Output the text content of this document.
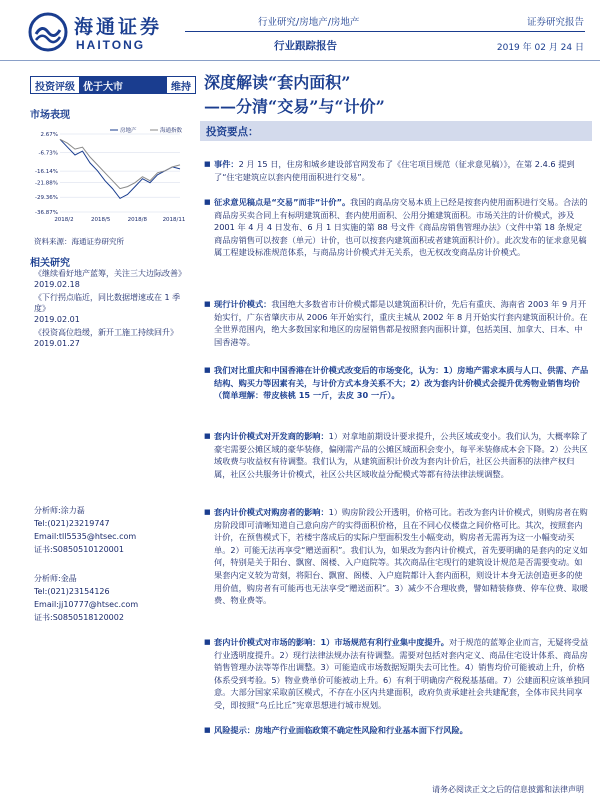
海通证券
HAITONG
行业研究/房地产/房地产
行业跟踪报告
证券研究报告
2019 年 02 月 24 日
投资评级 优于大市	维持
市场表现
2.67%
-6.73%
-16.14%
-21.88%
-29.36%
-36.87%
2018/2	2018/5	2018/8	2018/11
房地产	海通指数
资料来源：海通证券研究所
相关研究
《继续看好地产蓝筹，关注三大边际改善》
2019.02.18
《下行拐点临近，同比数据增速或在 1 季度》
2019.02.01
《投资高位趋缓，新开工施工持续回升》
2019.01.27
分析师:涂力磊
Tel:(021)23219747
Email:tll5535@htsec.com
证书:S0850510120001
分析师:金晶
Tel:(021)23154126
Email:jj10777@htsec.com
证书:S0850518120002
深度解读“套内面积”
——分清“交易”与“计价”
投资要点：
■ 事件：2 月 15 日，住房和城乡建设部官网发布了《住宅项目规范（征求意见稿）》，在第 2.4.6 提到了“住宅建筑应以套内使用面积进行交易”。
■ 征求意见稿点是“交易”而非“计价”。我国的商品房交易本质上已经是按套内使用面积进行交易。合法的商品房买卖合同上有标明建筑面积、套内使用面积、公用分摊建筑面积。市场关注的计价模式，涉及 2001 年 4 月 4 日发布、6 月 1 日实施的第 88 号文件《商品房销售管理办法》（文件中第 18 条规定商品房销售可以按套（单元）计价，也可以按套内建筑面积或者建筑面积计价）。此次发布的征求意见稿属工程建设标准规范体系，与商品房计价模式并无关系，也无权改变商品房计价模式。
■ 现行计价模式：我国绝大多数省市计价模式都是以建筑面积计价，先后有重庆、海南省 2003 年 9 月开始实行，广东省肇庆市从 2006 年开始实行，重庆主城从 2002 年 8 月开始实行套内建筑面积计价。在全世界范围内，绝大多数国家和地区的房屋销售都是按照套内面积计算，包括美国、加拿大、日本、中国香港等。
■ 我们对比重庆和中国香港在计价模式改变后的市场变化，认为：1）房地产需求本质与人口、供需、产品结构、购买力等因素有关，与计价方式本身关系不大；2）改为套内计价模式会提升优秀物业销售均价（简单理解：带皮核桃 15 一斤，去皮 30 一斤）。
■ 套内计价模式对开发商的影响：1）对拿地前期设计要求提升，公共区域或变小。我们认为，大概率除了豪宅需要公摊区域的豪华装修，偏刚需产品的公摊区域面积会变小，每平米装修成本会下降。2）公共区域收费与收益权有待调整。我们认为，从建筑面积计价改为套内计价后，社区公共面积的法律产权归属，社区公共服务计价模式，社区公共区域收益分配模式等都有待法律法规调整。
■ 套内计价模式对购房者的影响：1）购房阶段公开透明，价格可比。若改为套内计价模式，则购房者在购房阶段即可清晰知道自己意向房产的实得面积价格，且在不同心仪楼盘之间价格可比。其次，按照套内计价，在预售模式下，若楼宇落成后的实际户型面积发生小幅变动，购房者无需再为这一小幅变动买单。2）可能无法再享受“赠送面积”。我们认为，如果改为套内计价模式，首先要明确的是套内的定义如何，特别是关于阳台、飘窗、阁楼、入户庭院等。其次商品住宅现行的建筑设计规范是否需要变动。如果套内定义较为苛刻，将阳台、飘窗、阁楼、入户庭院都计入套内面积，则设计本身无法创造更多的使用价值，购房者有可能再也无法享受“赠送面积”。3）减少不合理收费，譬如精装修费、停车位费、取暖费、物业费等。
■ 套内计价模式对市场的影响：1）市场规范有利行业集中度提升。对于规范的蓝筹企业而言，无疑将受益行业透明度提升。2）现行法律法规办法有待调整。需要对包括对套内定义、商品住宅设计体系、商品房销售管理办法等等作出调整。3）可能造成市场数据短期失去可比性。4）销售均价可能被动上升，价格体系受到考验。5）物业费单价可能被动上升。6）有利于明确房产税税基基础。7）公建面积应该单独同意。大部分国家采取前区模式，不存在小区内共建面积，政府负责承建社会共建配套，全体市民共同享受，即按照“乌丘比丘”宪章思想进行城市规划。
■ 风险提示：房地产行业面临政策不确定性风险和行业基本面下行风险。
请务必阅读正文之后的信息披露和法律声明
